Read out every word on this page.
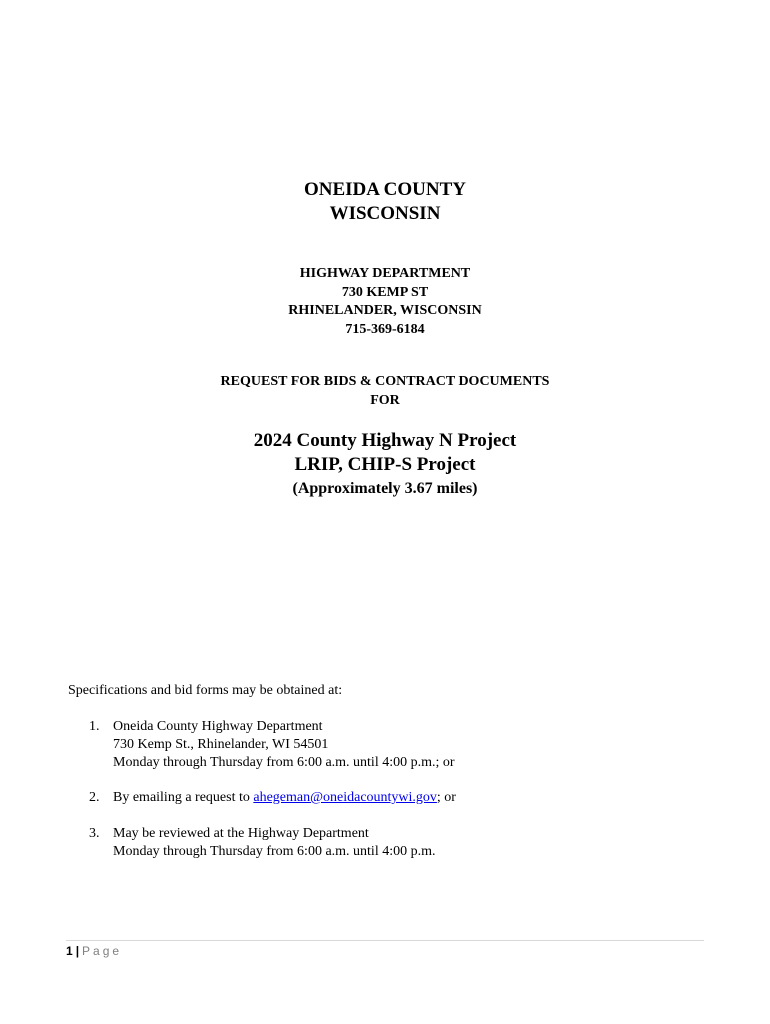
ONEIDA COUNTY
WISCONSIN
HIGHWAY DEPARTMENT
730 KEMP ST
RHINELANDER, WISCONSIN
715-369-6184
REQUEST FOR BIDS & CONTRACT DOCUMENTS
FOR
2024 County Highway N Project
LRIP, CHIP-S Project
(Approximately 3.67 miles)
Specifications and bid forms may be obtained at:
1. Oneida County Highway Department
730 Kemp St., Rhinelander, WI 54501
Monday through Thursday from 6:00 a.m. until 4:00 p.m.; or
2. By emailing a request to ahegeman@oneidacountywi.gov; or
3. May be reviewed at the Highway Department
Monday through Thursday from 6:00 a.m. until 4:00 p.m.
1 | Page
